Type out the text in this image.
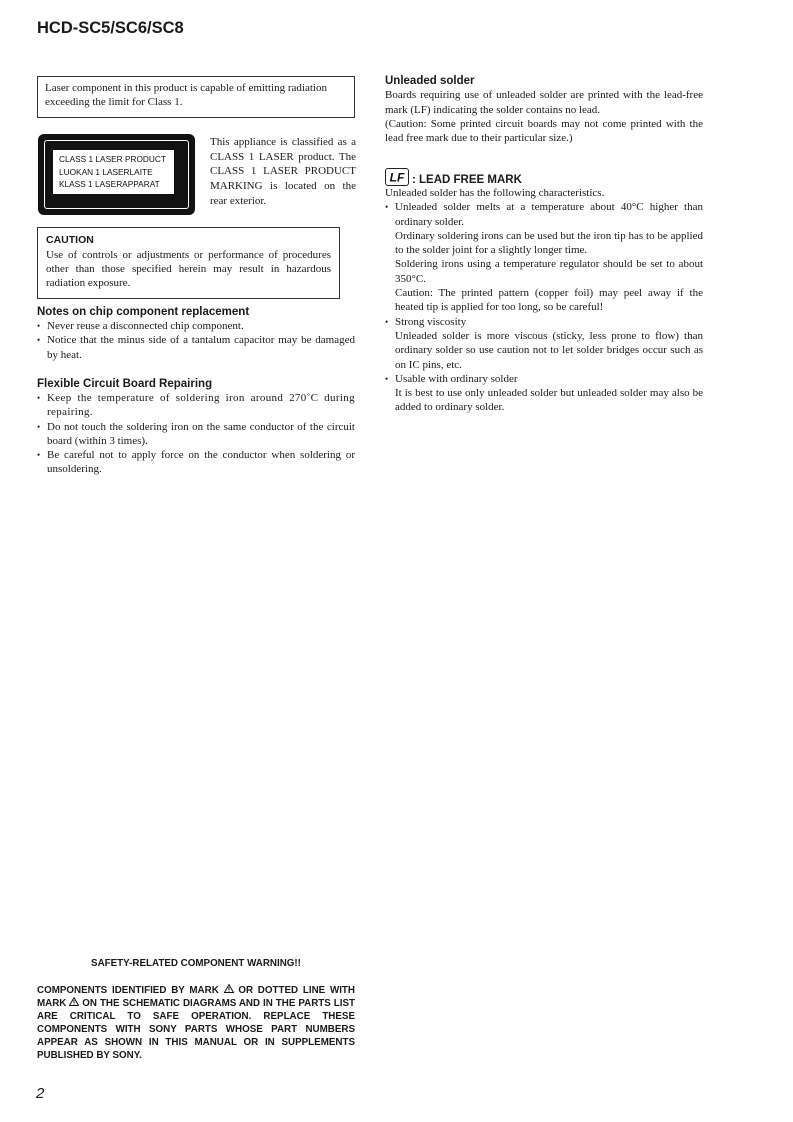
HCD-SC5/SC6/SC8
Laser component in this product is capable of emitting radiation
exceeding the limit for Class 1.
CLASS 1 LASER PRODUCT
LUOKAN 1 LASERLAITE
KLASS 1 LASERAPPARAT
This appliance is classified as a CLASS 1 LASER product. The CLASS 1 LASER PRODUCT MARKING is located on the rear exterior.
CAUTION
Use of controls or adjustments or performance of procedures other than those specified herein may result in hazardous radiation exposure.
Notes on chip component replacement
• Never reuse a disconnected chip component.
• Notice that the minus side of a tantalum capacitor may be damaged by heat.
Flexible Circuit Board Repairing
• Keep the temperature of soldering iron around 270˚C during repairing.
• Do not touch the soldering iron on the same conductor of the circuit board (within 3 times).
• Be careful not to apply force on the conductor when soldering or unsoldering.
Unleaded solder
Boards requiring use of unleaded solder are printed with the lead-free mark (LF) indicating the solder contains no lead.
(Caution: Some printed circuit boards may not come printed with the lead free mark due to their particular size.)
LF : LEAD FREE MARK
Unleaded solder has the following characteristics.
• Unleaded solder melts at a temperature about 40°C higher than ordinary solder.
Ordinary soldering irons can be used but the iron tip has to be applied to the solder joint for a slightly longer time.
Soldering irons using a temperature regulator should be set to about 350°C.
Caution: The printed pattern (copper foil) may peel away if the heated tip is applied for too long, so be careful!
• Strong viscosity
Unleaded solder is more viscous (sticky, less prone to flow) than ordinary solder so use caution not to let solder bridges occur such as on IC pins, etc.
• Usable with ordinary solder
It is best to use only unleaded solder but unleaded solder may also be added to ordinary solder.
SAFETY-RELATED COMPONENT WARNING!!
COMPONENTS IDENTIFIED BY MARK OR DOTTED LINE WITH MARK ON THE SCHEMATIC DIAGRAMS AND IN THE PARTS LIST ARE CRITICAL TO SAFE OPERATION. REPLACE THESE COMPONENTS WITH SONY PARTS WHOSE PART NUMBERS APPEAR AS SHOWN IN THIS MANUAL OR IN SUPPLEMENTS PUBLISHED BY SONY.
2
